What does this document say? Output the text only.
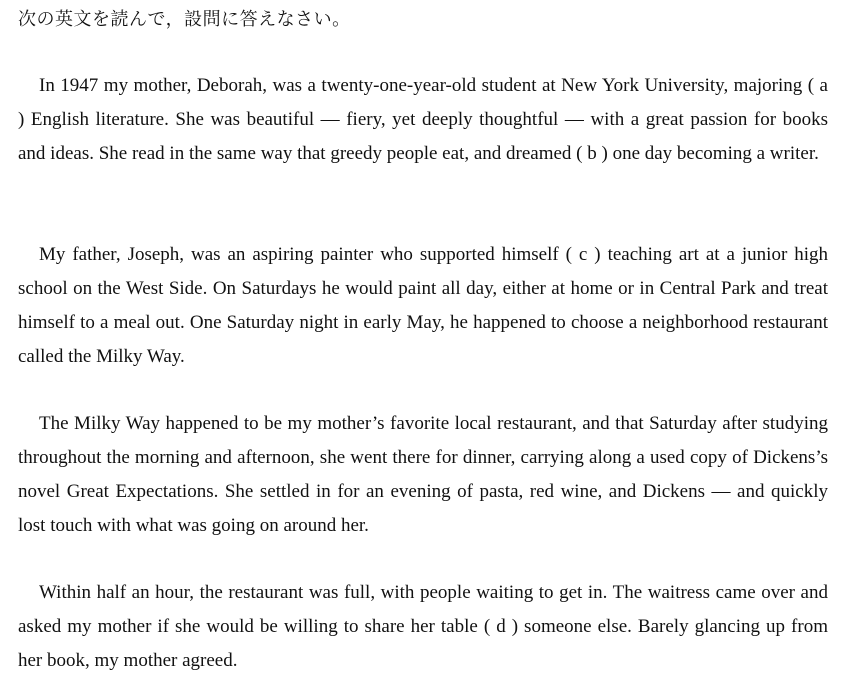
次の英文を読んで，設問に答えなさい。

In 1947 my mother, Deborah, was a twenty-one-year-old student at New York University, majoring ( a ) English literature. She was beautiful — fiery, yet deeply thoughtful — with a great passion for books and ideas. She read in the same way that greedy people eat, and dreamed ( b ) one day becoming a writer.

My father, Joseph, was an aspiring painter who supported himself ( c ) teaching art at a junior high school on the West Side. On Saturdays he would paint all day, either at home or in Central Park and treat himself to a meal out. One Saturday night in early May, he happened to choose a neighborhood restaurant called the Milky Way.

The Milky Way happened to be my mother’s favorite local restaurant, and that Saturday after studying throughout the morning and afternoon, she went there for dinner, carrying along a used copy of Dickens’s novel Great Expectations. She settled in for an evening of pasta, red wine, and Dickens — and quickly lost touch with what was going on around her.

Within half an hour, the restaurant was full, with people waiting to get in. The waitress came over and asked my mother if she would be willing to share her table ( d ) someone else. Barely glancing up from her book, my mother agreed.
